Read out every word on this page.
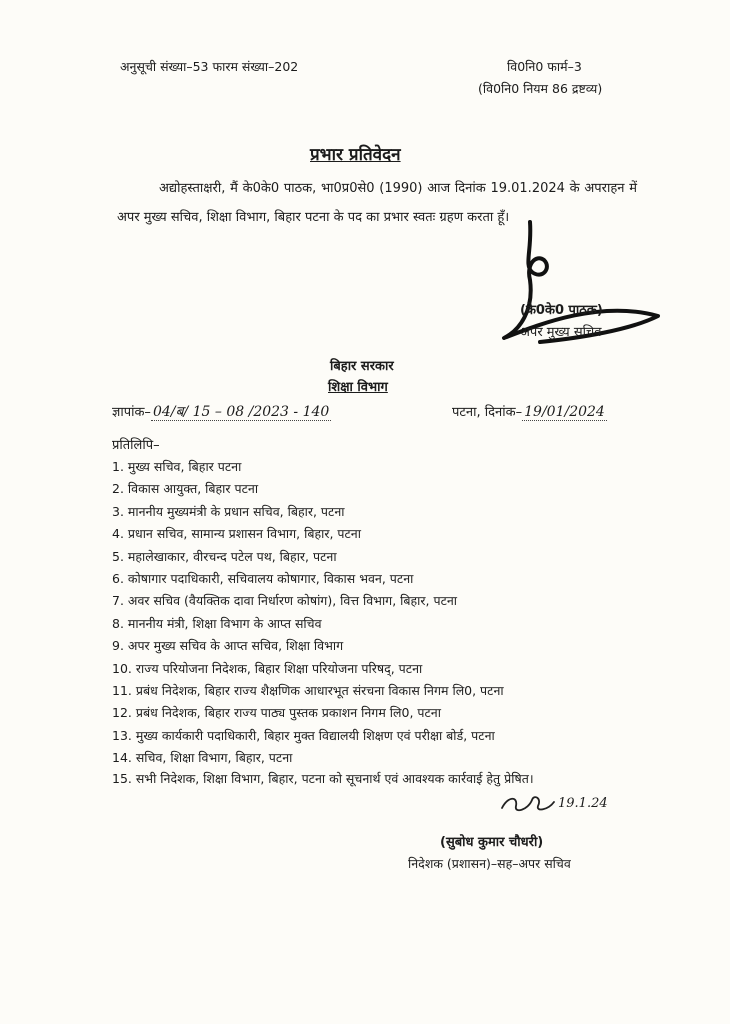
अनुसूची संख्या–53 फारम संख्या–202	वि0नि0 फार्म–3
(वि0नि0 नियम 86 द्रष्टव्य)
प्रभार प्रतिवेदन
अद्योहस्ताक्षरी, मैं के0के0 पाठक, भा0प्र0से0 (1990) आज दिनांक 19.01.2024 के अपराहन में अपर मुख्य सचिव, शिक्षा विभाग, बिहार पटना के पद का प्रभार स्वतः ग्रहण करता हूँ।
(के0के0 पाठक)
अपर मुख्य सचिव
बिहार सरकार
शिक्षा विभाग
ज्ञापांक– 04/ब/ 15 – 08 /2023 - 140	पटना, दिनांक– 19/01/2024
प्रतिलिपि–
1. मुख्य सचिव, बिहार पटना
2. विकास आयुक्त, बिहार पटना
3. माननीय मुख्यमंत्री के प्रधान सचिव, बिहार, पटना
4. प्रधान सचिव, सामान्य प्रशासन विभाग, बिहार, पटना
5. महालेखाकार, वीरचन्द पटेल पथ, बिहार, पटना
6. कोषागार पदाधिकारी, सचिवालय कोषागार, विकास भवन, पटना
7. अवर सचिव (वैयक्तिक दावा निर्धारण कोषांग), वित्त विभाग, बिहार, पटना
8. माननीय मंत्री, शिक्षा विभाग के आप्त सचिव
9. अपर मुख्य सचिव के आप्त सचिव, शिक्षा विभाग
10. राज्य परियोजना निदेशक, बिहार शिक्षा परियोजना परिषद्, पटना
11. प्रबंध निदेशक, बिहार राज्य शैक्षणिक आधारभूत संरचना विकास निगम लि0, पटना
12. प्रबंध निदेशक, बिहार राज्य पाठ्य पुस्तक प्रकाशन निगम लि0, पटना
13. मुख्य कार्यकारी पदाधिकारी, बिहार मुक्त विद्यालयी शिक्षण एवं परीक्षा बोर्ड, पटना
14. सचिव, शिक्षा विभाग, बिहार, पटना
15. सभी निदेशक, शिक्षा विभाग, बिहार, पटना को सूचनार्थ एवं आवश्यक कार्रवाई हेतु प्रेषित।
19.1.24
(सुबोध कुमार चौधरी)
निदेशक (प्रशासन)–सह–अपर सचिव
